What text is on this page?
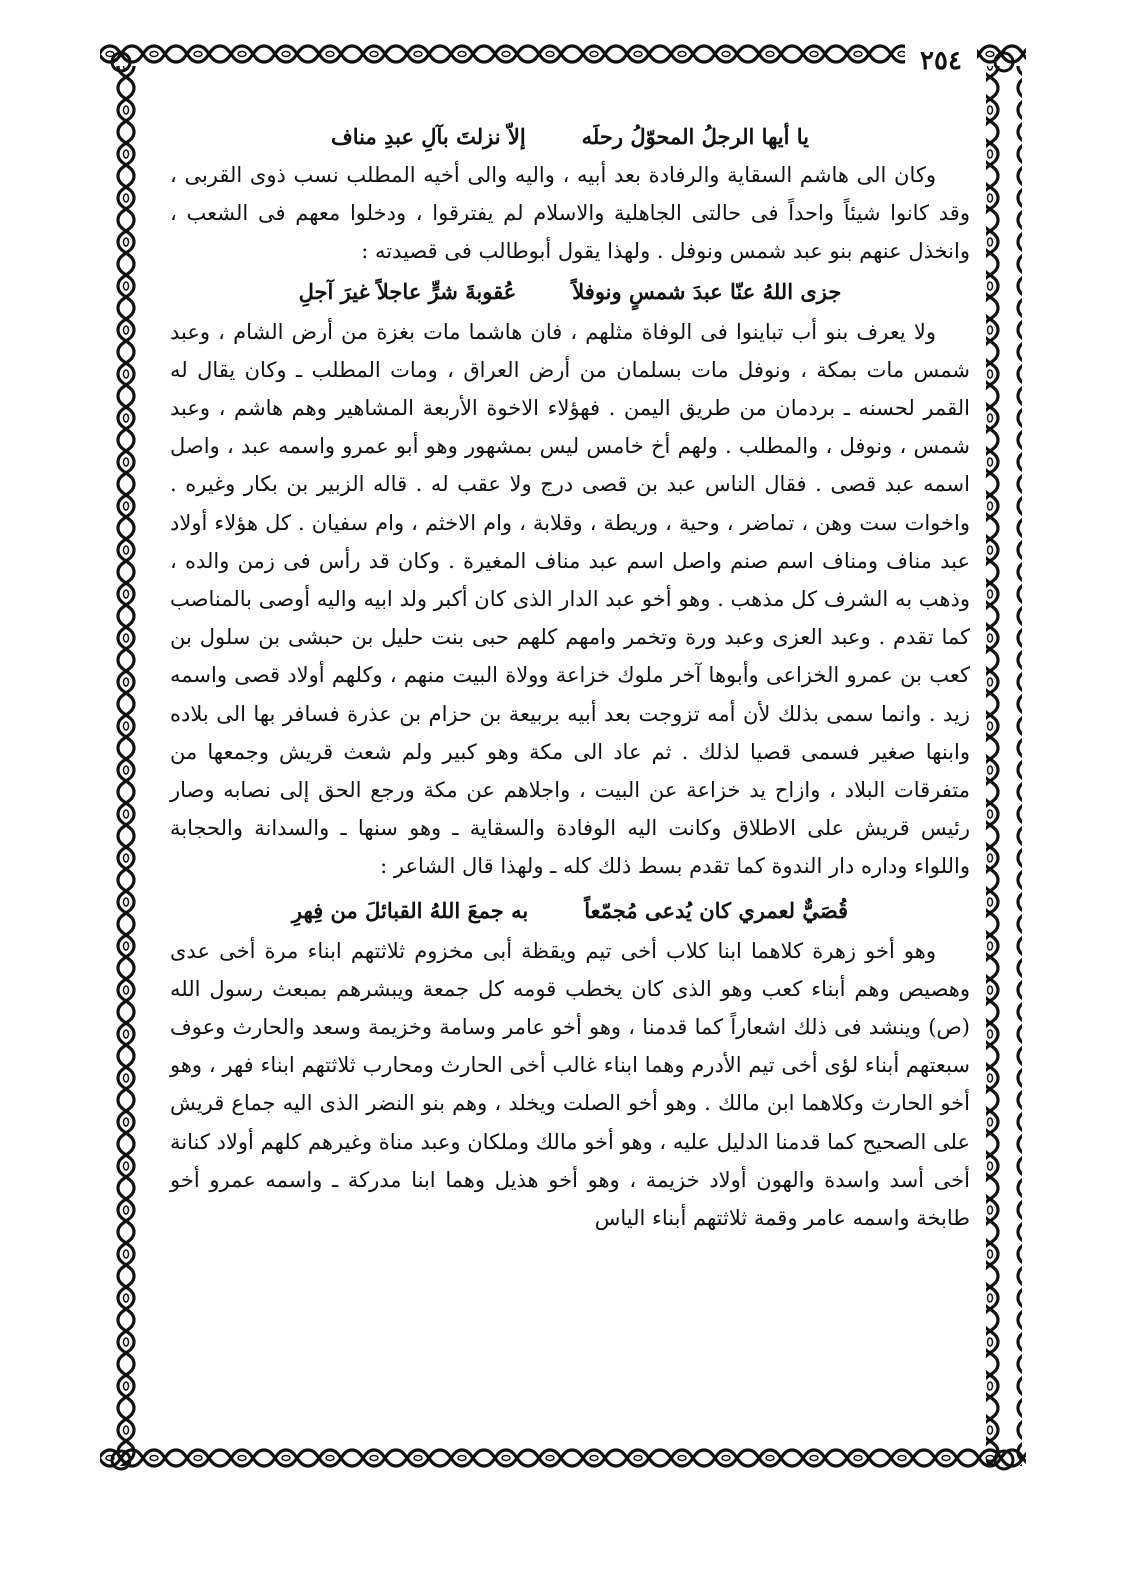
٢٥٤
يا أيها الرجلُ المحوّلُ رحلَه
إلاّ نزلتَ بآلِ عبدِ مناف

وكان الى هاشم السقاية والرفادة بعد أبيه ، واليه والى أخيه المطلب نسب ذوى القربى ، وقد كانوا شيئاً واحداً فى حالتى الجاهلية والاسلام لم يفترقوا ، ودخلوا معهم فى الشعب ، وانخذل عنهم بنو عبد شمس ونوفل . ولهذا يقول أبوطالب فى قصيدته :

جزى اللهُ عنّا عبدَ شمسٍ ونوفلاً
عُقوبةَ شرٍّ عاجلاً غيرَ آجلِ

ولا يعرف بنو أب تباينوا فى الوفاة مثلهم ، فان هاشما مات بغزة من أرض الشام ، وعبد شمس مات بمكة ، ونوفل مات بسلمان من أرض العراق ، ومات المطلب ـ وكان يقال له القمر لحسنه ـ بردمان من طريق اليمن . فهؤلاء الاخوة الأربعة المشاهير وهم هاشم ، وعبد شمس ، ونوفل ، والمطلب . ولهم أخ خامس ليس بمشهور وهو أبو عمرو واسمه عبد ، واصل اسمه عبد قصى . فقال الناس عبد بن قصى درج ولا عقب له . قاله الزبير بن بكار وغيره . واخوات ست وهن ، تماضر ، وحية ، وريطة ، وقلابة ، وام الاخثم ، وام سفيان . كل هؤلاء أولاد عبد مناف ومناف اسم صنم واصل اسم عبد مناف المغيرة . وكان قد رأس فى زمن والده ، وذهب به الشرف كل مذهب . وهو أخو عبد الدار الذى كان أكبر ولد ابيه واليه أوصى بالمناصب كما تقدم . وعبد العزى وعبد ورة وتخمر وامهم كلهم حبى بنت حليل بن حبشى بن سلول بن كعب بن عمرو الخزاعى وأبوها آخر ملوك خزاعة وولاة البيت منهم ، وكلهم أولاد قصى واسمه زيد . وانما سمى بذلك لأن أمه تزوجت بعد أبيه بربيعة بن حزام بن عذرة فسافر بها الى بلاده وابنها صغير فسمى قصيا لذلك . ثم عاد الى مكة وهو كبير ولم شعث قريش وجمعها من متفرقات البلاد ، وازاح يد خزاعة عن البيت ، واجلاهم عن مكة ورجع الحق إلى نصابه وصار رئيس قريش على الاطلاق وكانت اليه الوفادة والسقاية ـ وهو سنها ـ والسدانة والحجابة واللواء وداره دار الندوة كما تقدم بسط ذلك كله ـ ولهذا قال الشاعر :

قُصَيٌّ لعمري كان يُدعى مُجمّعاً
به جمعَ اللهُ القبائلَ من فِهرِ

وهو أخو زهرة كلاهما ابنا كلاب أخى تيم ويقظة أبى مخزوم ثلاثتهم ابناء مرة أخى عدى وهصيص وهم أبناء كعب وهو الذى كان يخطب قومه كل جمعة ويبشرهم بمبعث رسول الله (ص) وينشد فى ذلك اشعاراً كما قدمنا ، وهو أخو عامر وسامة وخزيمة وسعد والحارث وعوف سبعتهم أبناء لؤى أخى تيم الأدرم وهما ابناء غالب أخى الحارث ومحارب ثلاثتهم ابناء فهر ، وهو أخو الحارث وكلاهما ابن مالك . وهو أخو الصلت ويخلد ، وهم بنو النضر الذى اليه جماع قريش على الصحيح كما قدمنا الدليل عليه ، وهو أخو مالك وملكان وعبد مناة وغيرهم كلهم أولاد كنانة أخى أسد واسدة والهون أولاد خزيمة ، وهو أخو هذيل وهما ابنا مدركة ـ واسمه عمرو أخو طابخة واسمه عامر وقمة ثلاثتهم أبناء الياس
